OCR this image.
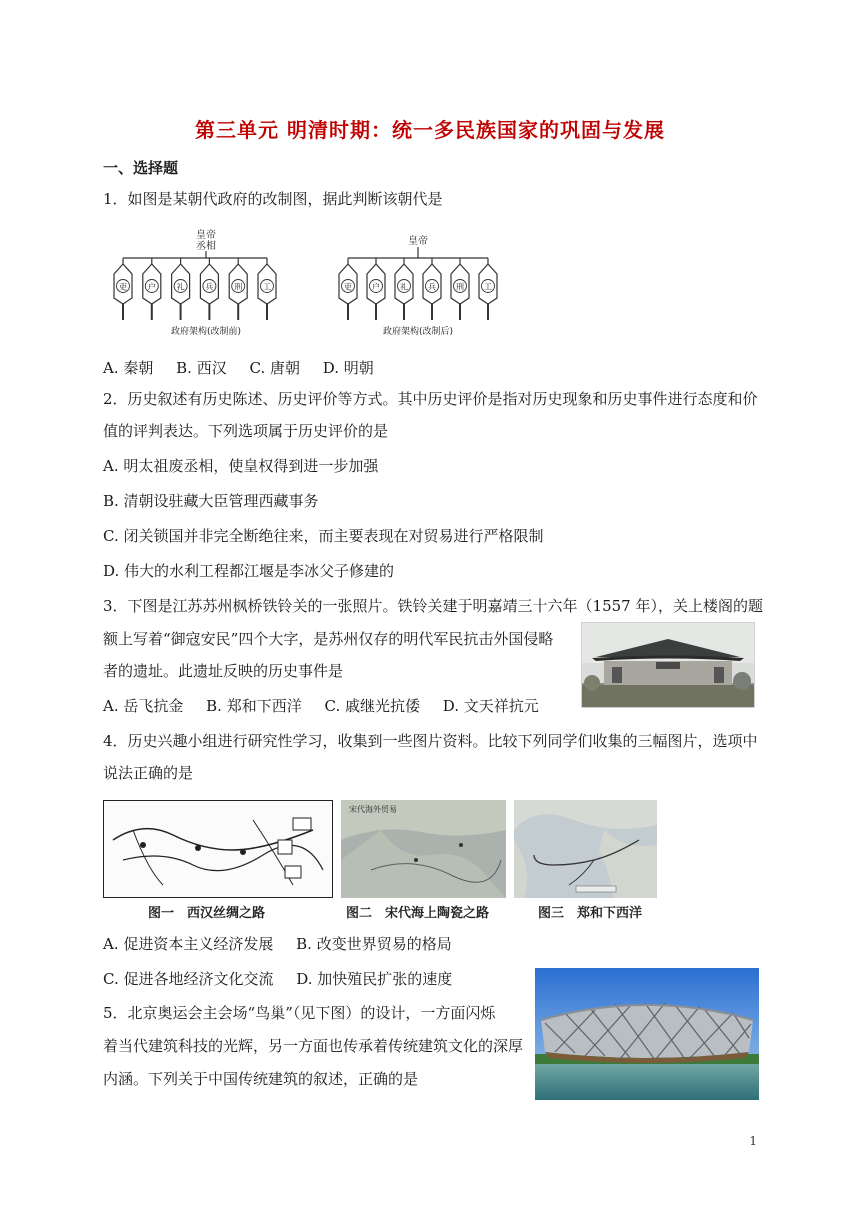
第三单元 明清时期：统一多民族国家的巩固与发展
一、选择题
1．如图是某朝代政府的改制图，据此判断该朝代是
皇帝
丞相
吏	户	礼	兵	刑	工
政府架构(改制前)
皇帝
吏	户	礼	兵	刑	工
政府架构(改制后)
A. 秦朝 B. 西汉 C. 唐朝 D. 明朝
2．历史叙述有历史陈述、历史评价等方式。其中历史评价是指对历史现象和历史事件进行态度和价
值的评判表达。下列选项属于历史评价的是
A. 明太祖废丞相，使皇权得到进一步加强
B. 清朝设驻藏大臣管理西藏事务
C. 闭关锁国并非完全断绝往来，而主要表现在对贸易进行严格限制
D. 伟大的水利工程都江堰是李冰父子修建的
3．下图是江苏苏州枫桥铁铃关的一张照片。铁铃关建于明嘉靖三十六年（1557 年），关上楼阁的题
额上写着“御寇安民”四个大字，是苏州仅存的明代军民抗击外国侵略
者的遗址。此遗址反映的历史事件是
A. 岳飞抗金 B. 郑和下西洋 C. 戚继光抗倭 D. 文天祥抗元
4．历史兴趣小组进行研究性学习，收集到一些图片资料。比较下列同学们收集的三幅图片，选项中
说法正确的是
宋代海外贸易
图一　西汉丝绸之路	图二　宋代海上陶瓷之路	图三　郑和下西洋
A. 促进资本主义经济发展 B. 改变世界贸易的格局
C. 促进各地经济文化交流 D. 加快殖民扩张的速度
5．北京奥运会主会场“鸟巢”（见下图）的设计，一方面闪烁
着当代建筑科技的光辉，另一方面也传承着传统建筑文化的深厚
内涵。下列关于中国传统建筑的叙述，正确的是
1
